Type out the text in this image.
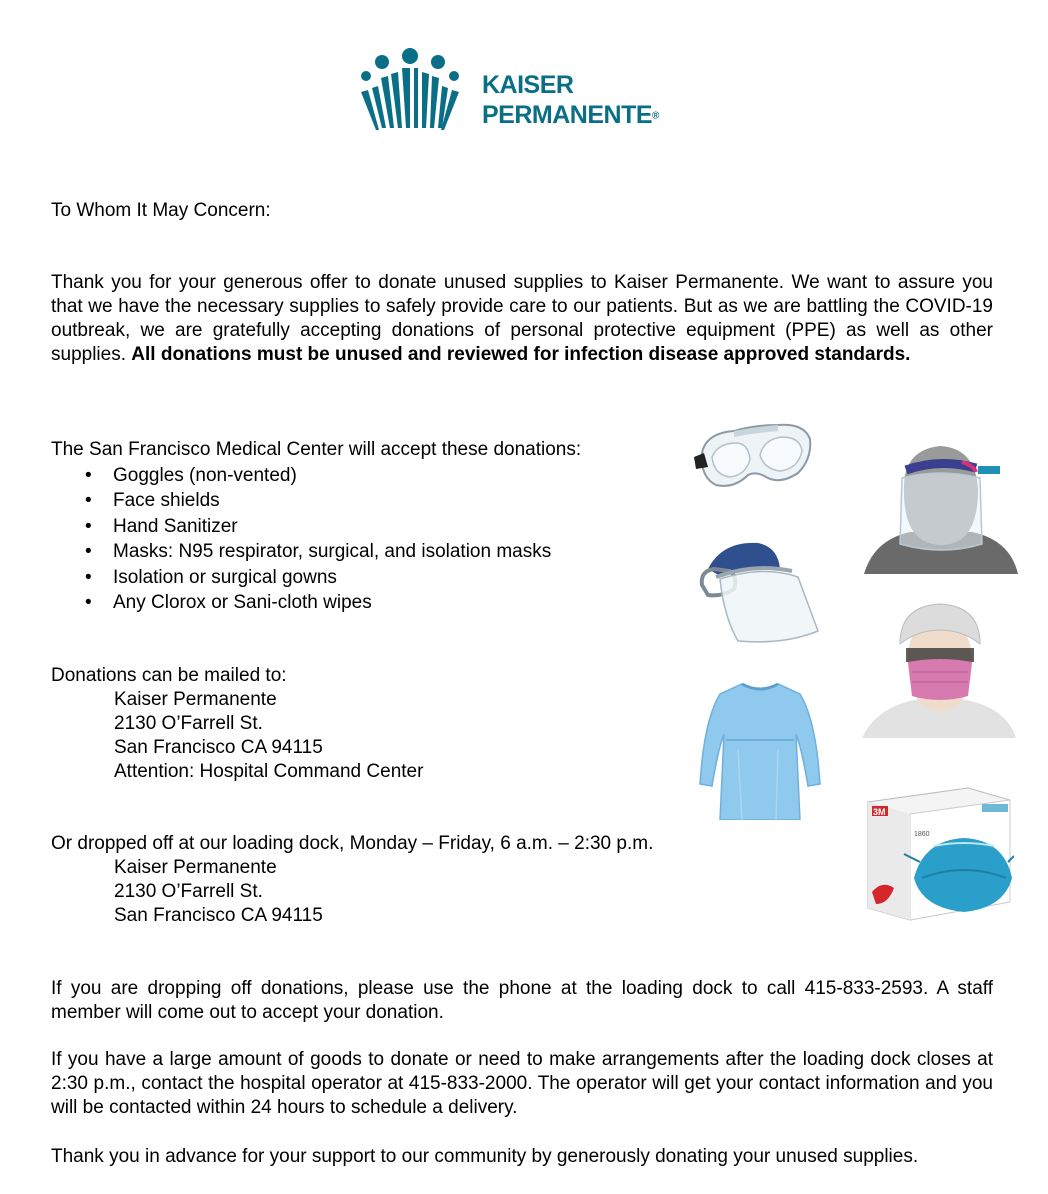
KAISER
PERMANENTE®
To Whom It May Concern:
Thank you for your generous offer to donate unused supplies to Kaiser Permanente. We want to assure you that we have the necessary supplies to safely provide care to our patients. But as we are battling the COVID-19 outbreak, we are gratefully accepting donations of personal protective equipment (PPE) as well as other supplies. All donations must be unused and reviewed for infection disease approved standards.
The San Francisco Medical Center will accept these donations:
• Goggles (non-vented)
• Face shields
• Hand Sanitizer
• Masks: N95 respirator, surgical, and isolation masks
• Isolation or surgical gowns
• Any Clorox or Sani-cloth wipes
Donations can be mailed to:
Kaiser Permanente
2130 O’Farrell St.
San Francisco CA 94115
Attention: Hospital Command Center
Or dropped off at our loading dock, Monday – Friday, 6 a.m. – 2:30 p.m.
Kaiser Permanente
2130 O’Farrell St.
San Francisco CA 94115
If you are dropping off donations, please use the phone at the loading dock to call 415-833-2593. A staff member will come out to accept your donation.
If you have a large amount of goods to donate or need to make arrangements after the loading dock closes at 2:30 p.m., contact the hospital operator at 415-833-2000. The operator will get your contact information and you will be contacted within 24 hours to schedule a delivery.
Thank you in advance for your support to our community by generously donating your unused supplies.
3M
1860
